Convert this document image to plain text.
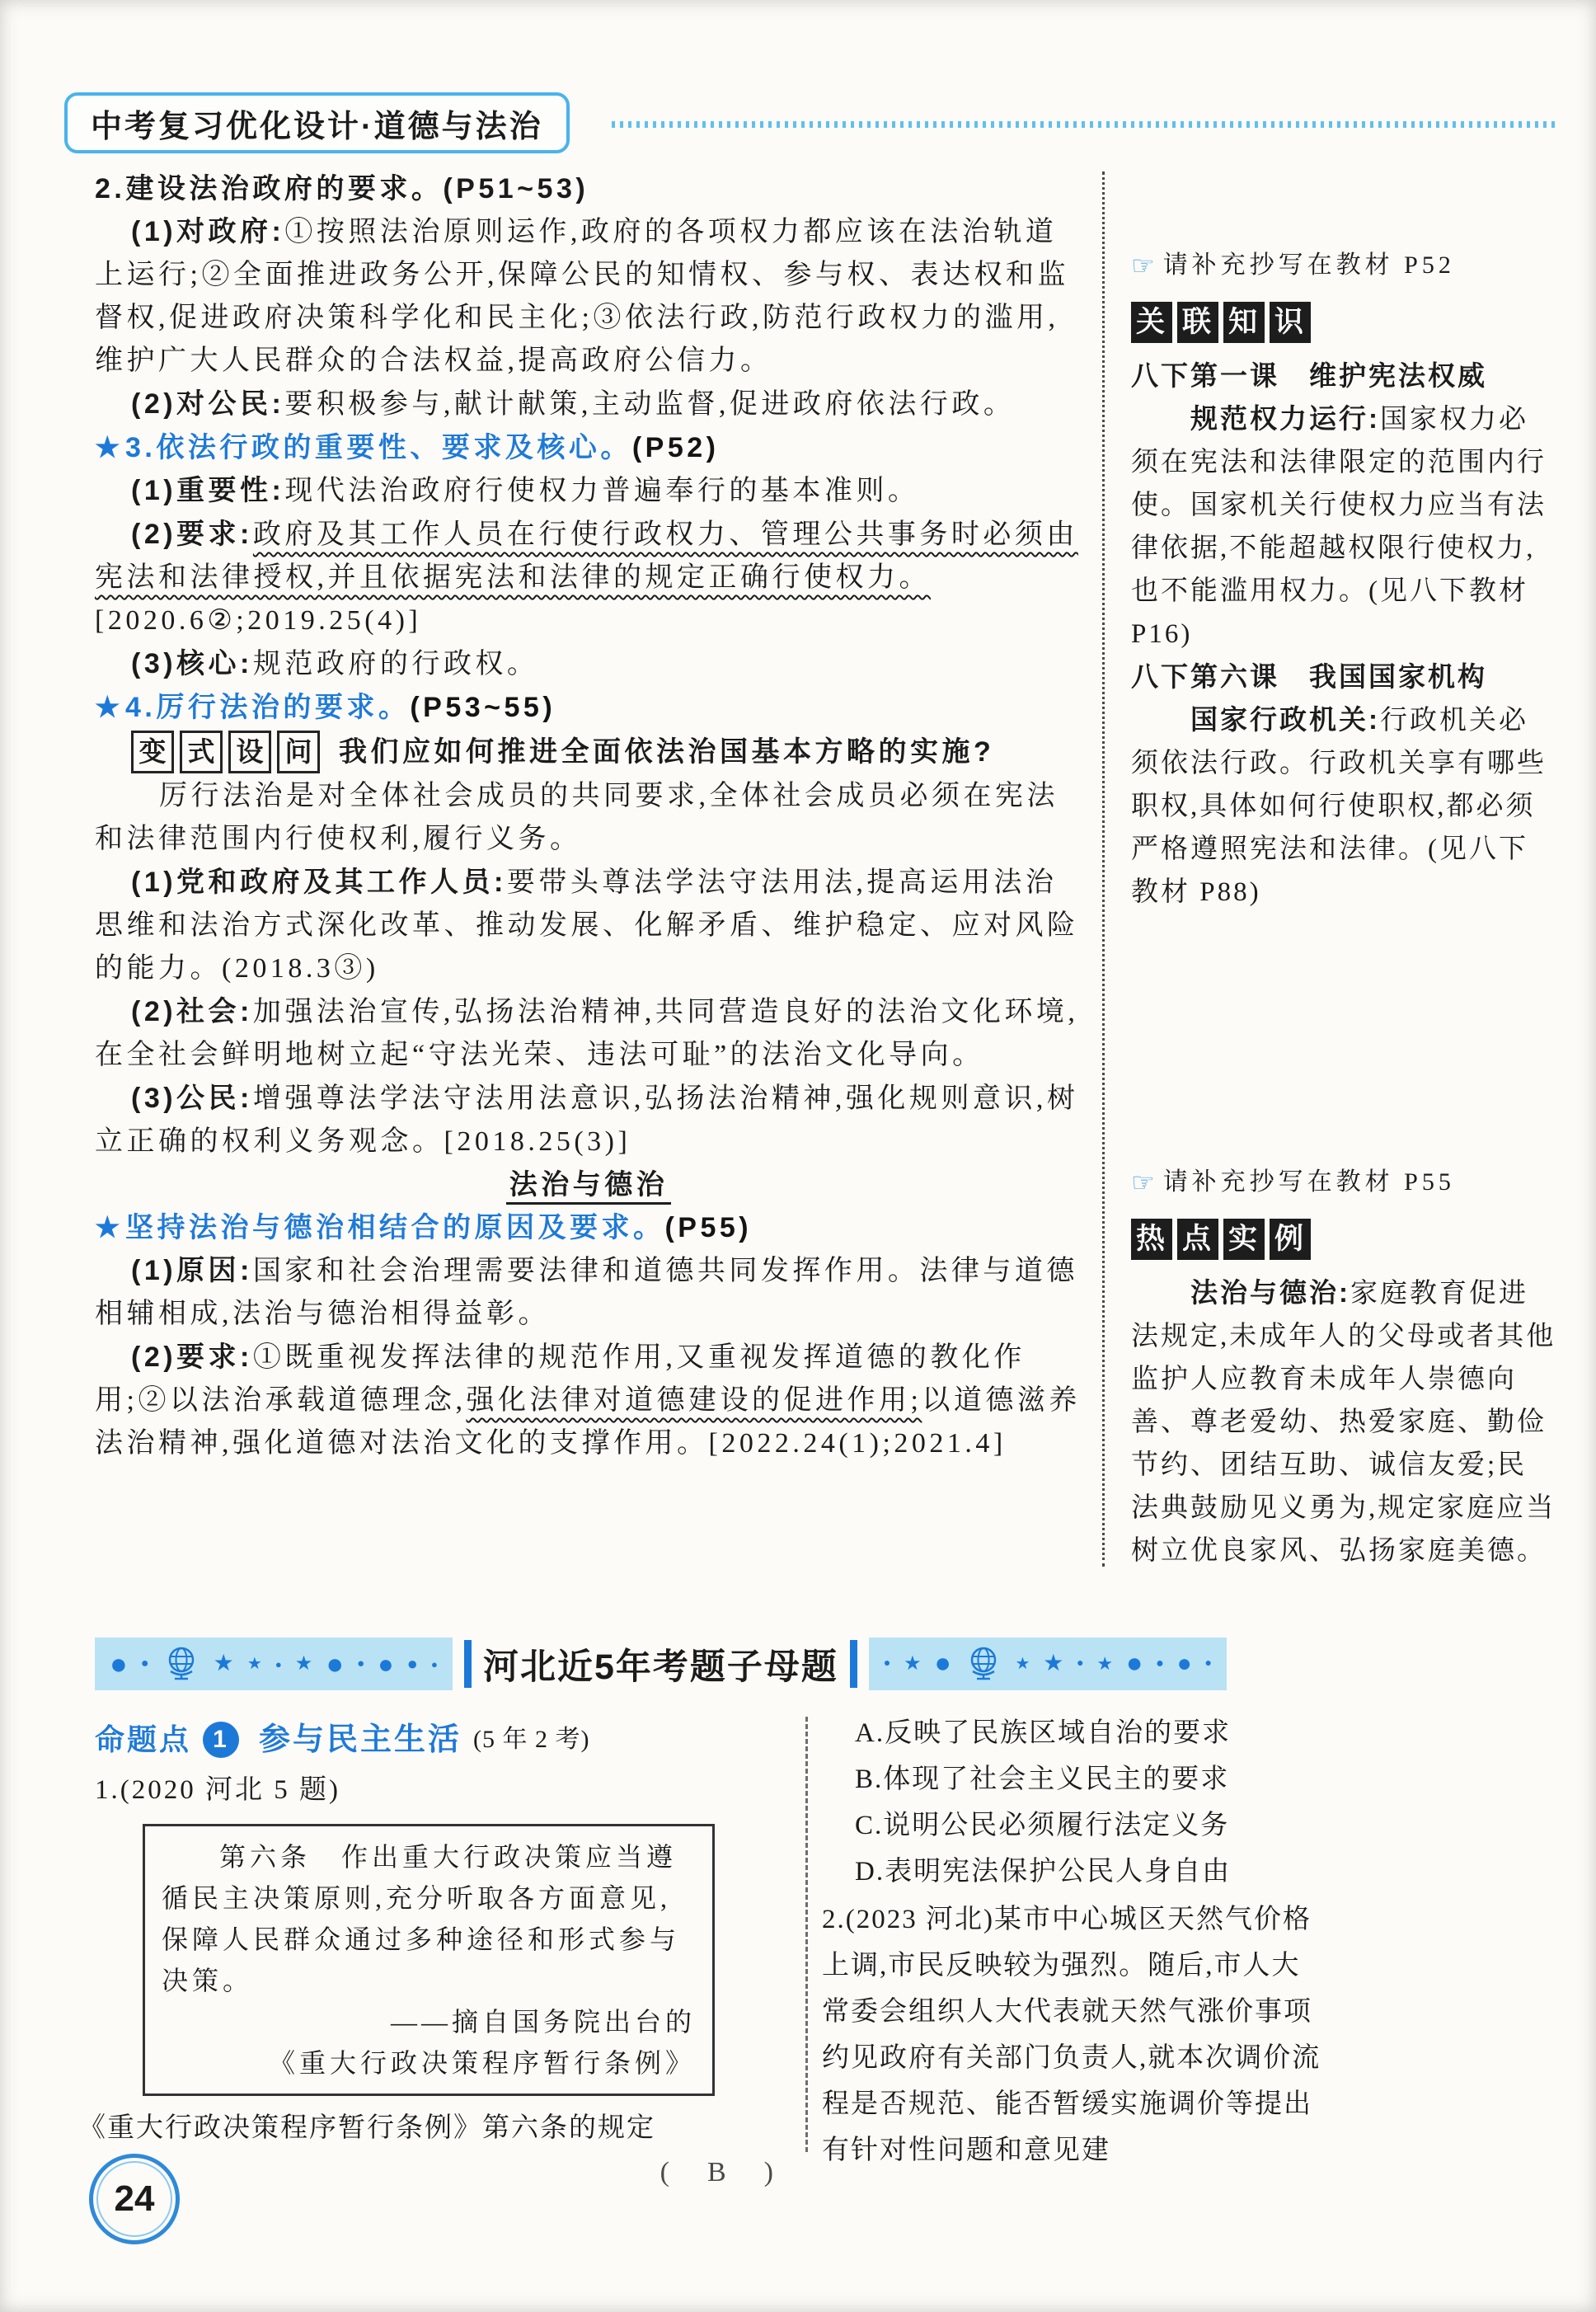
中考复习优化设计·道德与法治
2.建设法治政府的要求。(P51~53)

(1)对政府:①按照法治原则运作,政府的各项权力都应该在法治轨道上运行;②全面推进政务公开,保障公民的知情权、参与权、表达权和监督权,促进政府决策科学化和民主化;③依法行政,防范行政权力的滥用,维护广大人民群众的合法权益,提高政府公信力。

(2)对公民:要积极参与,献计献策,主动监督,促进政府依法行政。

★3.依法行政的重要性、要求及核心。(P52)

(1)重要性:现代法治政府行使权力普遍奉行的基本准则。

(2)要求:政府及其工作人员在行使行政权力、管理公共事务时必须由宪法和法律授权,并且依据宪法和法律的规定正确行使权力。

[2020.6②;2019.25(4)]

(3)核心:规范政府的行政权。

★4.厉行法治的要求。(P53~55)
变 式 设 问 我们应如何推进全面依法治国基本方略的实施?

厉行法治是对全体社会成员的共同要求,全体社会成员必须在宪法和法律范围内行使权利,履行义务。

(1)党和政府及其工作人员:要带头尊法学法守法用法,提高运用法治思维和法治方式深化改革、推动发展、化解矛盾、维护稳定、应对风险的能力。(2018.3③)

(2)社会:加强法治宣传,弘扬法治精神,共同营造良好的法治文化环境,在全社会鲜明地树立起“守法光荣、违法可耻”的法治文化导向。

(3)公民:增强尊法学法守法用法意识,弘扬法治精神,强化规则意识,树立正确的权利义务观念。[2018.25(3)]

法治与德治
★坚持法治与德治相结合的原因及要求。(P55)

(1)原因:国家和社会治理需要法律和道德共同发挥作用。法律与道德相辅相成,法治与德治相得益彰。

(2)要求:①既重视发挥法律的规范作用,又重视发挥道德的教化作用;②以法治承载道德理念,强化法律对道德建设的促进作用;以道德滋养法治精神,强化道德对法治文化的支撑作用。[2022.24(1);2021.4]

☞ 请补充抄写在教材 P52
关 联 知 识
八下第一课　维护宪法权威

规范权力运行:国家权力必须在宪法和法律限定的范围内行使。国家机关行使权力应当有法律依据,不能超越权限行使权力,也不能滥用权力。(见八下教材 P16)

八下第六课　我国国家机构

国家行政机关:行政机关必须依法行政。行政机关享有哪些职权,具体如何行使职权,都必须严格遵照宪法和法律。(见八下教材 P88)

☞ 请补充抄写在教材 P55
热 点 实 例

法治与德治:家庭教育促进法规定,未成年人的父母或者其他监护人应教育未成年人崇德向善、尊老爱幼、热爱家庭、勤俭节约、团结互助、诚信友爱;民法典鼓励见义勇为,规定家庭应当树立优良家风、弘扬家庭美德。

● ●	★ ★ ● ★ ● ● ● ● ● 河北近5年考题子母题	● ★ ●	★ ★ ● ★ ● ● ● ●
命题点 1 参与民主生活 (5 年 2 考)
1.(2020 河北 5 题)

第六条　作出重大行政决策应当遵循民主决策原则,充分听取各方面意见,保障人民群众通过多种途径和形式参与决策。

——摘自国务院出台的
《重大行政决策程序暂行条例》
《重大行政决策程序暂行条例》第六条的规定
(　B　)
A.反映了民族区域自治的要求
B.体现了社会主义民主的要求
C.说明公民必须履行法定义务
D.表明宪法保护公民人身自由
2.(2023 河北)某市中心城区天然气价格上调,市民反映较为强烈。随后,市人大常委会组织人大代表就天然气涨价事项约见政府有关部门负责人,就本次调价流程是否规范、能否暂缓实施调价等提出有针对性问题和意见建
24
